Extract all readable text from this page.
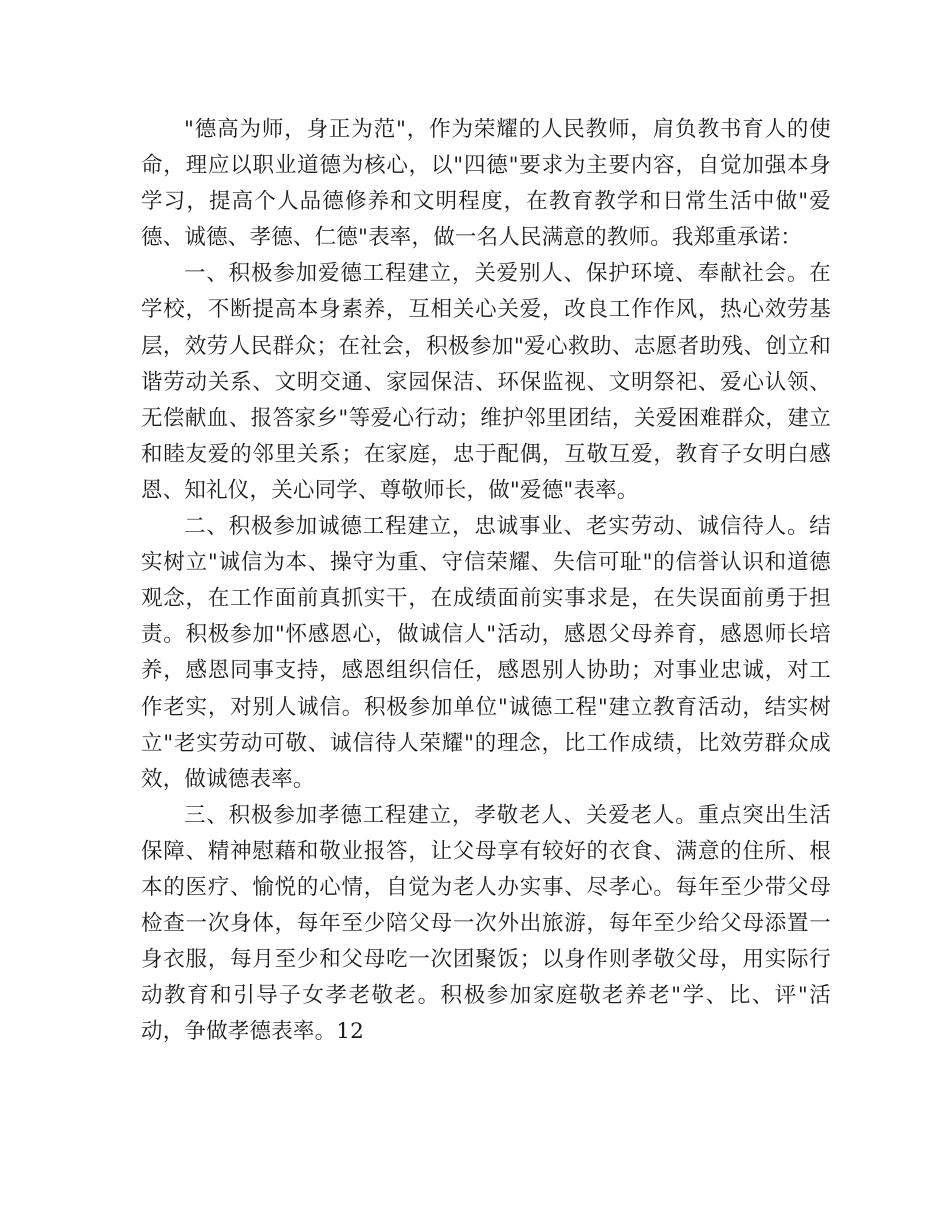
"德高为师，身正为范"，作为荣耀的人民教师，肩负教书育人的使命，理应以职业道德为核心，以"四德"要求为主要内容，自觉加强本身学习，提高个人品德修养和文明程度，在教育教学和日常生活中做"爱德、诚德、孝德、仁德"表率，做一名人民满意的教师。我郑重承诺：

一、积极参加爱德工程建立，关爱别人、保护环境、奉献社会。在学校，不断提高本身素养，互相关心关爱，改良工作作风，热心效劳基层，效劳人民群众；在社会，积极参加"爱心救助、志愿者助残、创立和谐劳动关系、文明交通、家园保洁、环保监视、文明祭祀、爱心认领、无偿献血、报答家乡"等爱心行动；维护邻里团结，关爱困难群众，建立和睦友爱的邻里关系；在家庭，忠于配偶，互敬互爱，教育子女明白感恩、知礼仪，关心同学、尊敬师长，做"爱德"表率。

二、积极参加诚德工程建立，忠诚事业、老实劳动、诚信待人。结实树立"诚信为本、操守为重、守信荣耀、失信可耻"的信誉认识和道德观念，在工作面前真抓实干，在成绩面前实事求是，在失误面前勇于担责。积极参加"怀感恩心，做诚信人"活动，感恩父母养育，感恩师长培养，感恩同事支持，感恩组织信任，感恩别人协助；对事业忠诚，对工作老实，对别人诚信。积极参加单位"诚德工程"建立教育活动，结实树立"老实劳动可敬、诚信待人荣耀"的理念，比工作成绩，比效劳群众成效，做诚德表率。

三、积极参加孝德工程建立，孝敬老人、关爱老人。重点突出生活保障、精神慰藉和敬业报答，让父母享有较好的衣食、满意的住所、根本的医疗、愉悦的心情，自觉为老人办实事、尽孝心。每年至少带父母检查一次身体，每年至少陪父母一次外出旅游，每年至少给父母添置一身衣服，每月至少和父母吃一次团聚饭；以身作则孝敬父母，用实际行动教育和引导子女孝老敬老。积极参加家庭敬老养老"学、比、评"活动，争做孝德表率。12
